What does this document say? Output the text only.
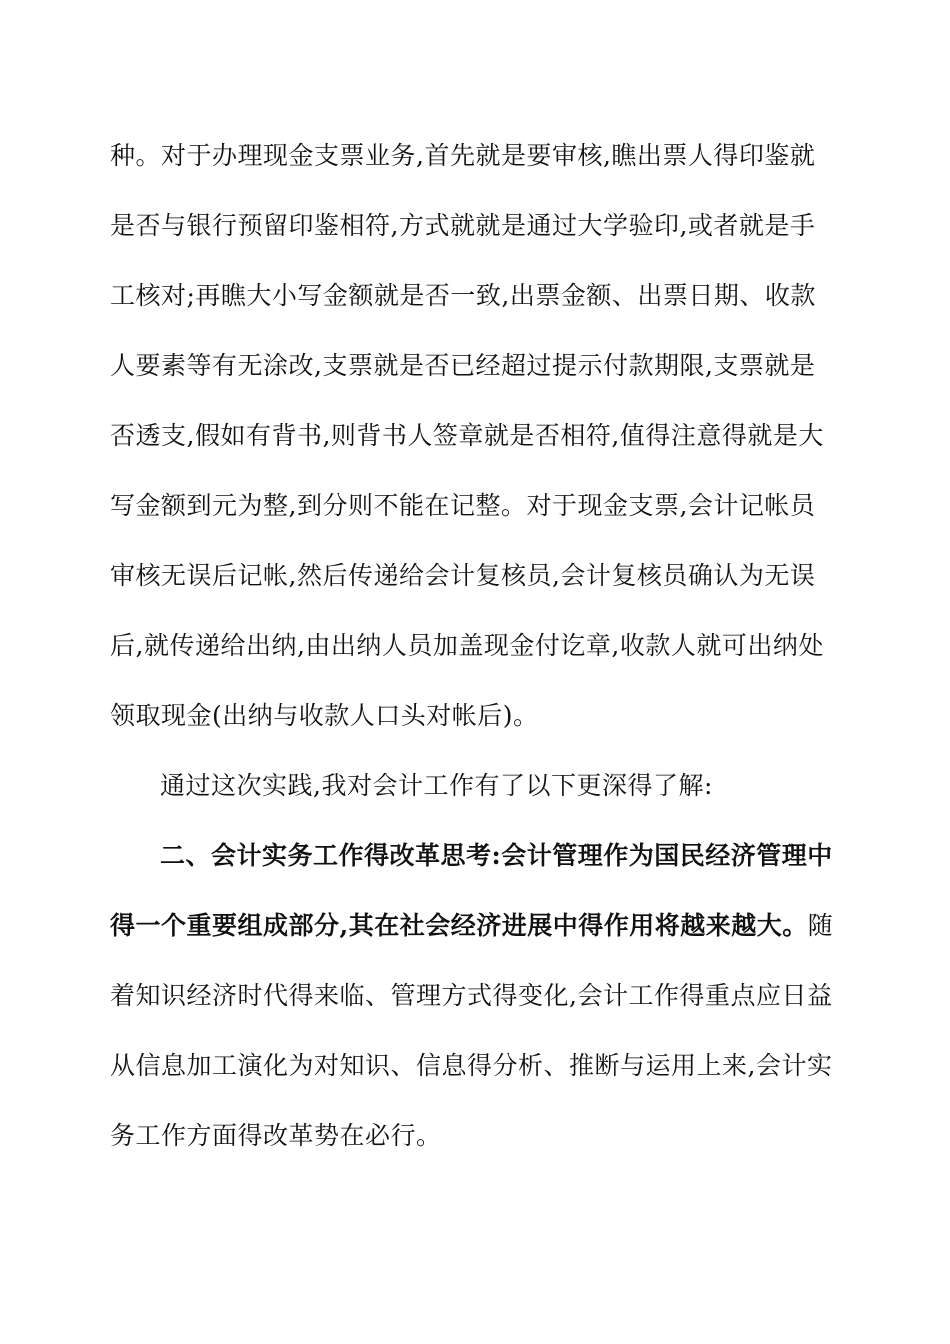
种。对于办理现金支票业务,首先就是要审核,瞧出票人得印鉴就
是否与银行预留印鉴相符,方式就就是通过大学验印,或者就是手
工核对;再瞧大小写金额就是否一致,出票金额、出票日期、收款
人要素等有无涂改,支票就是否已经超过提示付款期限,支票就是
否透支,假如有背书,则背书人签章就是否相符,值得注意得就是大
写金额到元为整,到分则不能在记整。对于现金支票,会计记帐员
审核无误后记帐,然后传递给会计复核员,会计复核员确认为无误
后,就传递给出纳,由出纳人员加盖现金付讫章,收款人就可出纳处
领取现金(出纳与收款人口头对帐后)。
通过这次实践,我对会计工作有了以下更深得了解:
二、会计实务工作得改革思考:会计管理作为国民经济管理中
得一个重要组成部分,其在社会经济进展中得作用将越来越大。随
着知识经济时代得来临、管理方式得变化,会计工作得重点应日益
从信息加工演化为对知识、信息得分析、推断与运用上来,会计实
务工作方面得改革势在必行。
